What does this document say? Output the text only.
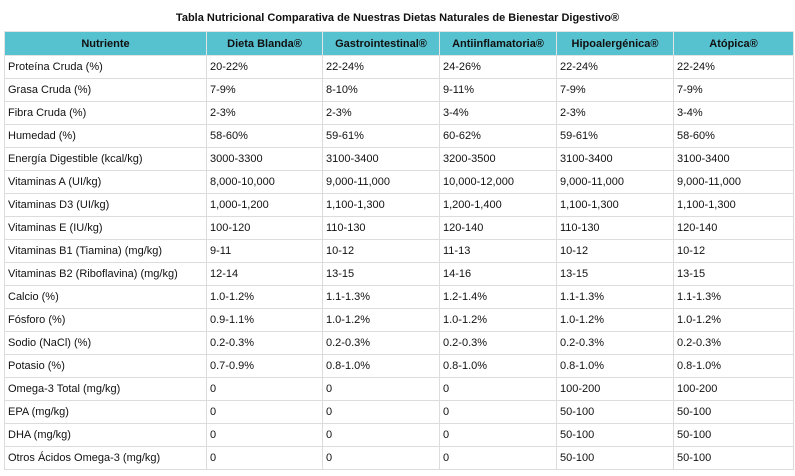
Tabla Nutricional Comparativa de Nuestras Dietas Naturales de Bienestar Digestivo®
Nutriente	Dieta Blanda®	Gastrointestinal®	Antiinflamatoria®	Hipoalergénica®	Atópica®
Proteína Cruda (%)	20-22%	22-24%	24-26%	22-24%	22-24%
Grasa Cruda (%)	7-9%	8-10%	9-11%	7-9%	7-9%
Fibra Cruda (%)	2-3%	2-3%	3-4%	2-3%	3-4%
Humedad (%)	58-60%	59-61%	60-62%	59-61%	58-60%
Energía Digestible (kcal/kg)	3000-3300	3100-3400	3200-3500	3100-3400	3100-3400
Vitaminas A (UI/kg)	8,000-10,000	9,000-11,000	10,000-12,000	9,000-11,000	9,000-11,000
Vitaminas D3 (UI/kg)	1,000-1,200	1,100-1,300	1,200-1,400	1,100-1,300	1,100-1,300
Vitaminas E (IU/kg)	100-120	110-130	120-140	110-130	120-140
Vitaminas B1 (Tiamina) (mg/kg)	9-11	10-12	11-13	10-12	10-12
Vitaminas B2 (Riboflavina) (mg/kg)	12-14	13-15	14-16	13-15	13-15
Calcio (%)	1.0-1.2%	1.1-1.3%	1.2-1.4%	1.1-1.3%	1.1-1.3%
Fósforo (%)	0.9-1.1%	1.0-1.2%	1.0-1.2%	1.0-1.2%	1.0-1.2%
Sodio (NaCl) (%)	0.2-0.3%	0.2-0.3%	0.2-0.3%	0.2-0.3%	0.2-0.3%
Potasio (%)	0.7-0.9%	0.8-1.0%	0.8-1.0%	0.8-1.0%	0.8-1.0%
Omega-3 Total (mg/kg)	0	0	0	100-200	100-200
EPA (mg/kg)	0	0	0	50-100	50-100
DHA (mg/kg)	0	0	0	50-100	50-100
Otros Ácidos Omega-3 (mg/kg)	0	0	0	50-100	50-100
